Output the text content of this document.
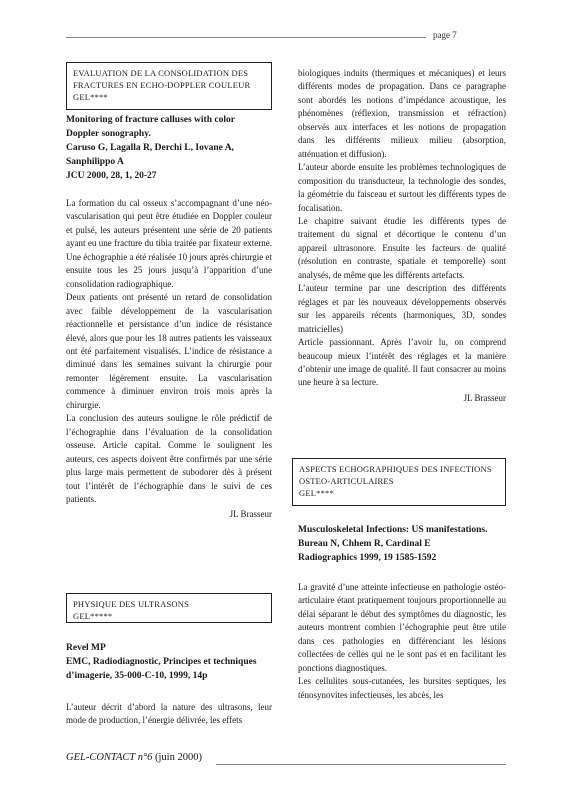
page 7
EVALUATION DE LA CONSOLIDATION DES
FRACTURES EN ECHO-DOPPLER COULEUR
GEL****
Monitoring of fracture calluses with color
Doppler sonography.
Caruso G, Lagalla R, Derchi L, Iovane A,
Sanphilippo A
JCU 2000, 28, 1, 20-27

La formation du cal osseux s’accompagnant d’une néo-vascularisation qui peut être étudiée en Doppler couleur et pulsé, les auteurs présentent une série de 20 patients ayant eu une fracture du tibia traitée par fixateur externe. Une échographie a été réalisée 10 jours après chirurgie et ensuite tous les 25 jours jusqu’à l’apparition d’une consolidation radiographique.

Deux patients ont présenté un retard de consolidation avec faible développement de la vascularisation réactionnelle et persistance d’un indice de résistance élevé, alors que pour les 18 autres patients les vaisseaux ont été parfaitement visualisés. L’indice de résistance a diminué dans les semaines suivant la chirurgie pour remonter légèrement ensuite. La vascularisation commence à diminuer environ trois mois après la chirurgie.

La conclusion des auteurs souligne le rôle prédictif de l’échographie dans l’évaluation de la consolidation osseuse. Article capital. Comme le soulignent les auteurs, ces aspects doivent être confirmés par une série plus large mais permettent de subodorer dès à présent tout l’intérêt de l’échographie dans le suivi de ces patients.

JL Brasseur
PHYSIQUE DES ULTRASONS
GEL*****
Revel MP
EMC, Radiodiagnostic, Principes et techniques
d’imagerie, 35-000-C-10, 1999, 14p

L’auteur décrit d’abord la nature des ultrasons, leur mode de production, l’énergie délivrée, les effets

biologiques induits (thermiques et mécaniques) et leurs différents modes de propagation. Dans ce paragraphe sont abordés les notions d’impédance acoustique, les phénomènes (réflexion, transmission et réfraction) observés aux interfaces et les notions de propagation dans les différents milieux milieu (absorption, atténuation et diffusion).

L’auteur aborde ensuite les problèmes technologiques de composition du transducteur, la technologie des sondes, la géométrie du faisceau et surtout les différents types de focalisation.

Le chapitre suivant étudie les différents types de traitement du signal et décortique le contenu d’un appareil ultrasonore. Ensuite les facteurs de qualité (résolution en contraste, spatiale et temporelle) sont analysés, de même que les différents artefacts.

L’auteur termine par une description des différents réglages et par les nouveaux développements observés sur les appareils récents (harmoniques, 3D, sondes matricielles)

Article passionnant. Après l’avoir lu, on comprend beaucoup mieux l’intérêt des réglages et la manière d’obtenir une image de qualité. Il faut consacrer au moins une heure à sa lecture.

JL Brasseur
ASPECTS ECHOGRAPHIQUES DES INFECTIONS
OSTEO-ARTICULAIRES
GEL****
Musculoskeletal Infections: US manifestations.
Bureau N, Chhem R, Cardinal E
Radiographics 1999, 19 1585-1592

La gravité d’une atteinte infectieuse en pathologie ostéo-articulaire étant pratiquement toujours proportionnelle au délai séparant le début des symptômes du diagnostic, les auteurs montrent combien l’échographie peut être utile dans ces pathologies en différenciant les lésions collectées de celles qui ne le sont pas et en facilitant les ponctions diagnostiques.

Les cellulites sous-cutanées, les bursites septiques, les ténosynovites infectieuses, les abcès, les

GEL-CONTACT n°6 (juin 2000)
